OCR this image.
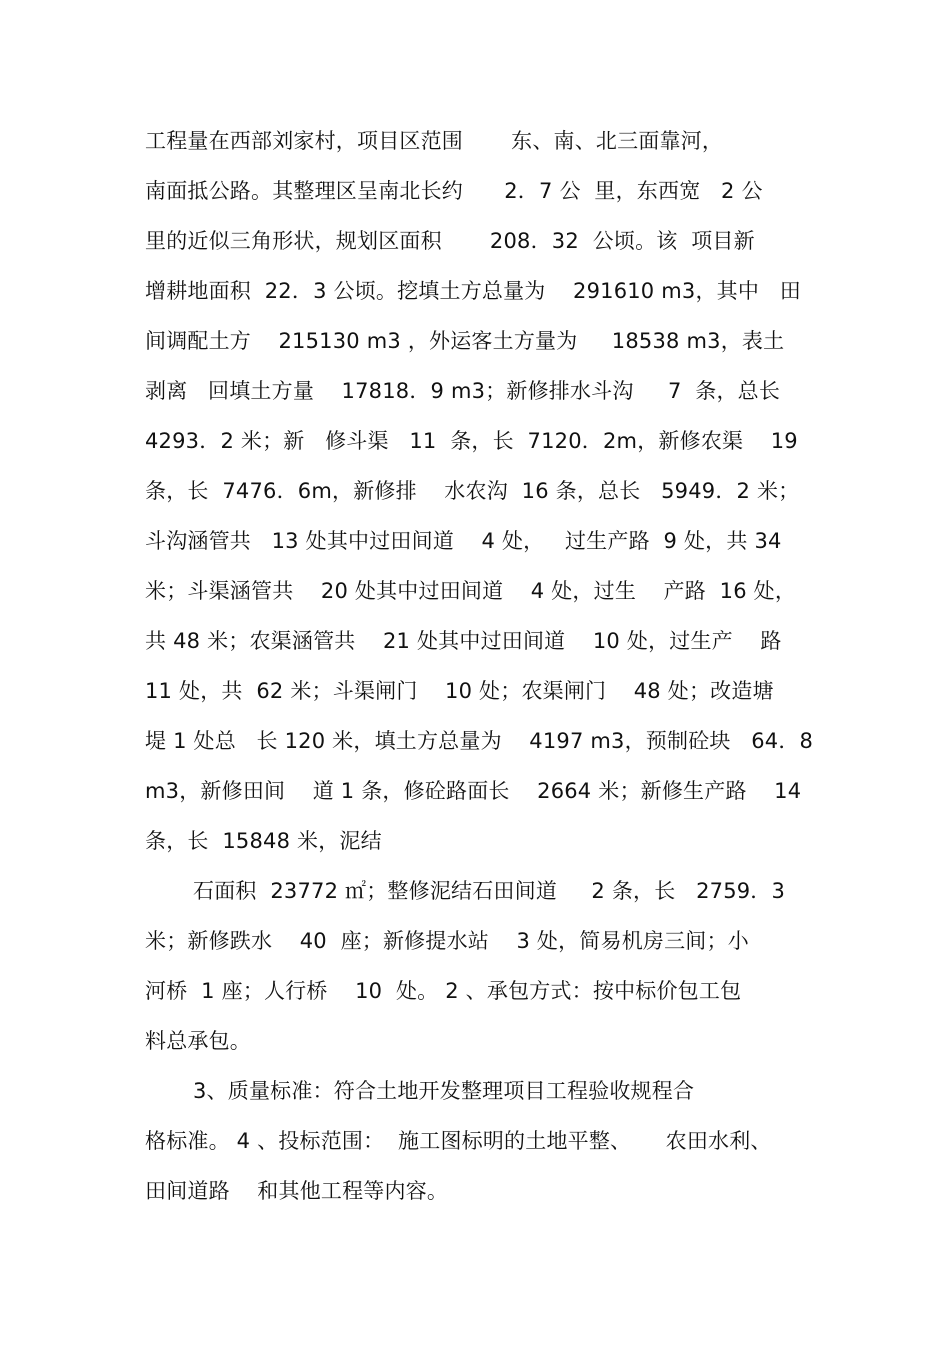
工程量在西部刘家村，项目区范围       东、南、北三面靠河，
南面抵公路。其整理区呈南北长约      2．7 公  里，东西宽   2 公
里的近似三角形状，规划区面积       208．32  公顷。该  项目新
增耕地面积  22．3 公顷。挖填土方总量为    291610 m3，其中   田
间调配土方    215130 m3 ，外运客土方量为     18538 m3，表土
剥离   回填土方量    17818．9 m3；新修排水斗沟     7  条，总长
4293．2 米；新   修斗渠   11  条，长  7120．2m，新修农渠    19
条，长  7476．6m，新修排    水农沟  16 条，总长   5949．2 米；
斗沟涵管共   13 处其中过田间道    4 处，   过生产路  9 处，共 34
米；斗渠涵管共    20 处其中过田间道    4 处，过生    产路  16 处，
共 48 米；农渠涵管共    21 处其中过田间道    10 处，过生产    路
11 处，共  62 米；斗渠闸门    10 处；农渠闸门    48 处；改造塘
堤 1 处总   长 120 米，填土方总量为    4197 m3，预制砼块   64．8
m3，新修田间    道 1 条，修砼路面长    2664 米；新修生产路    14
条，长  15848 米，泥结
石面积  23772 ㎡；整修泥结石田间道     2 条，长   2759．3
米；新修跌水    40  座；新修提水站    3 处，简易机房三间；小
河桥  1 座；人行桥    10  处。 2 、承包方式：按中标价包工包
料总承包。
3、质量标准：符合土地开发整理项目工程验收规程合
格标准。 4 、投标范围：  施工图标明的土地平整、     农田水利、
田间道路    和其他工程等内容。
